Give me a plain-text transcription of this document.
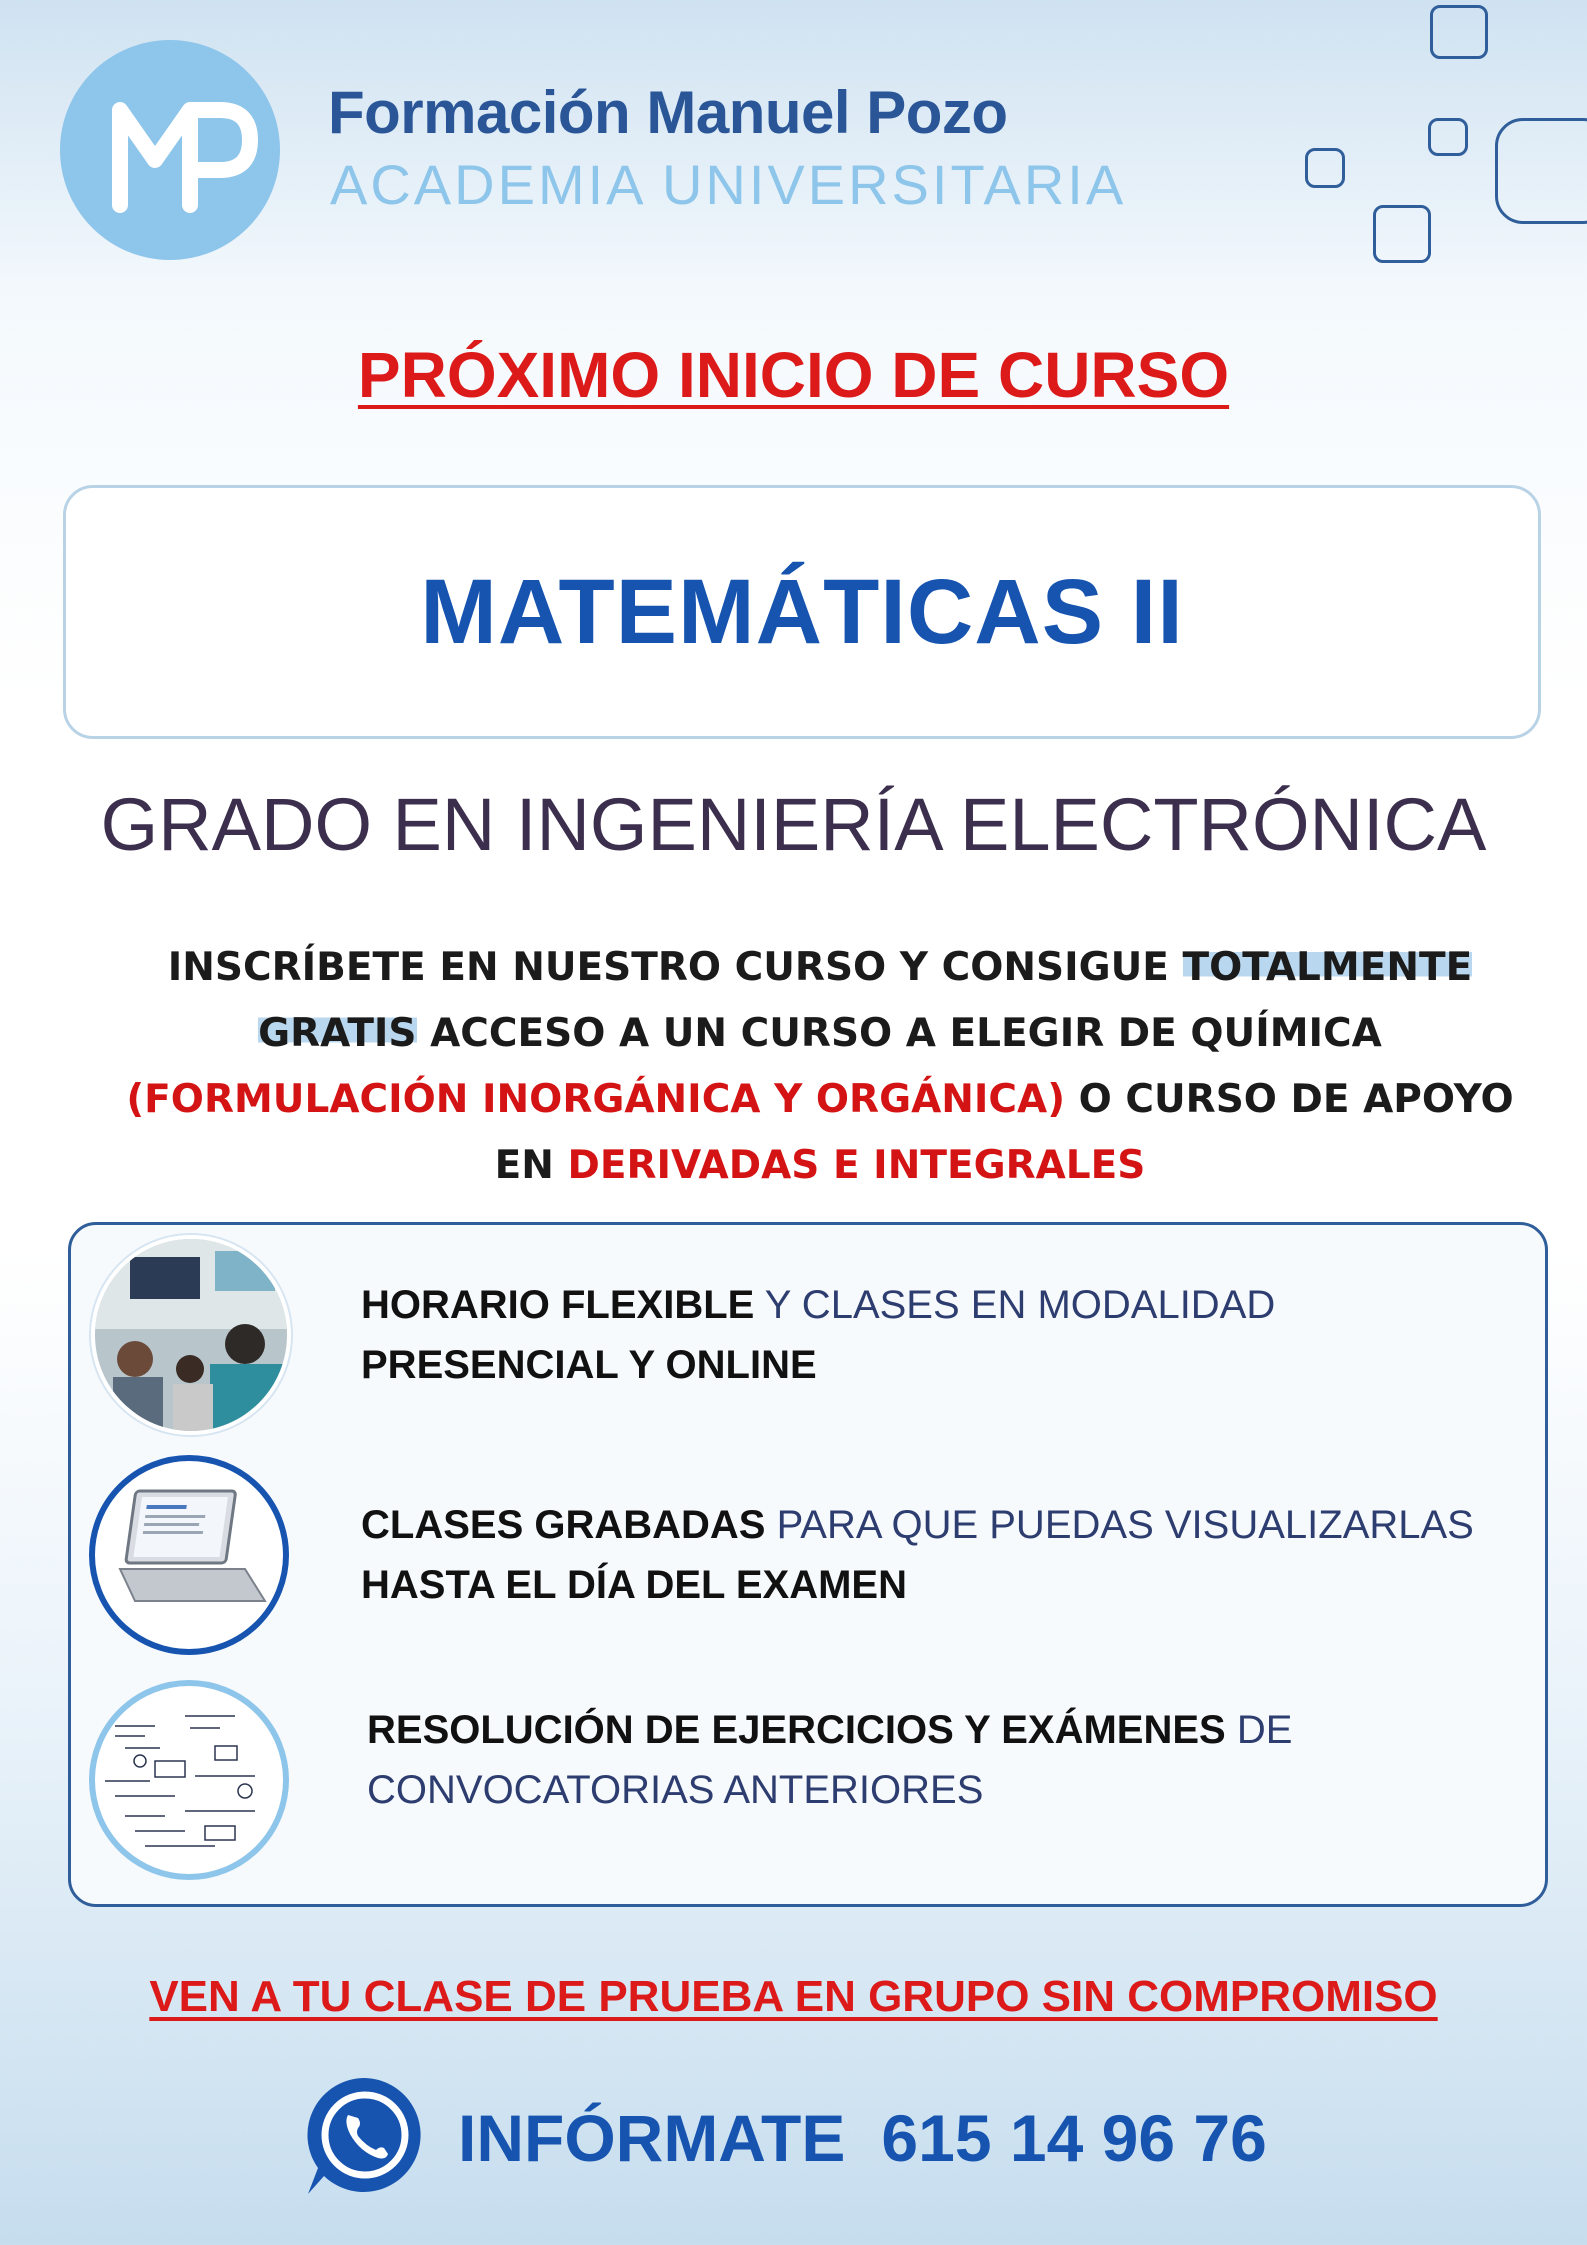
Formación Manuel Pozo
ACADEMIA UNIVERSITARIA
PRÓXIMO INICIO DE CURSO
MATEMÁTICAS II
GRADO EN INGENIERÍA ELECTRÓNICA
INSCRÍBETE EN NUESTRO CURSO Y CONSIGUE TOTALMENTE GRATIS ACCESO A UN CURSO A ELEGIR DE QUÍMICA (FORMULACIÓN INORGÁNICA Y ORGÁNICA) O CURSO DE APOYO EN DERIVADAS E INTEGRALES
HORARIO FLEXIBLE Y CLASES EN MODALIDAD PRESENCIAL Y ONLINE
CLASES GRABADAS PARA QUE PUEDAS VISUALIZARLAS HASTA EL DÍA DEL EXAMEN
RESOLUCIÓN DE EJERCICIOS Y EXÁMENES DE CONVOCATORIAS ANTERIORES
VEN A TU CLASE DE PRUEBA EN GRUPO SIN COMPROMISO
INFÓRMATE 615 14 96 76
